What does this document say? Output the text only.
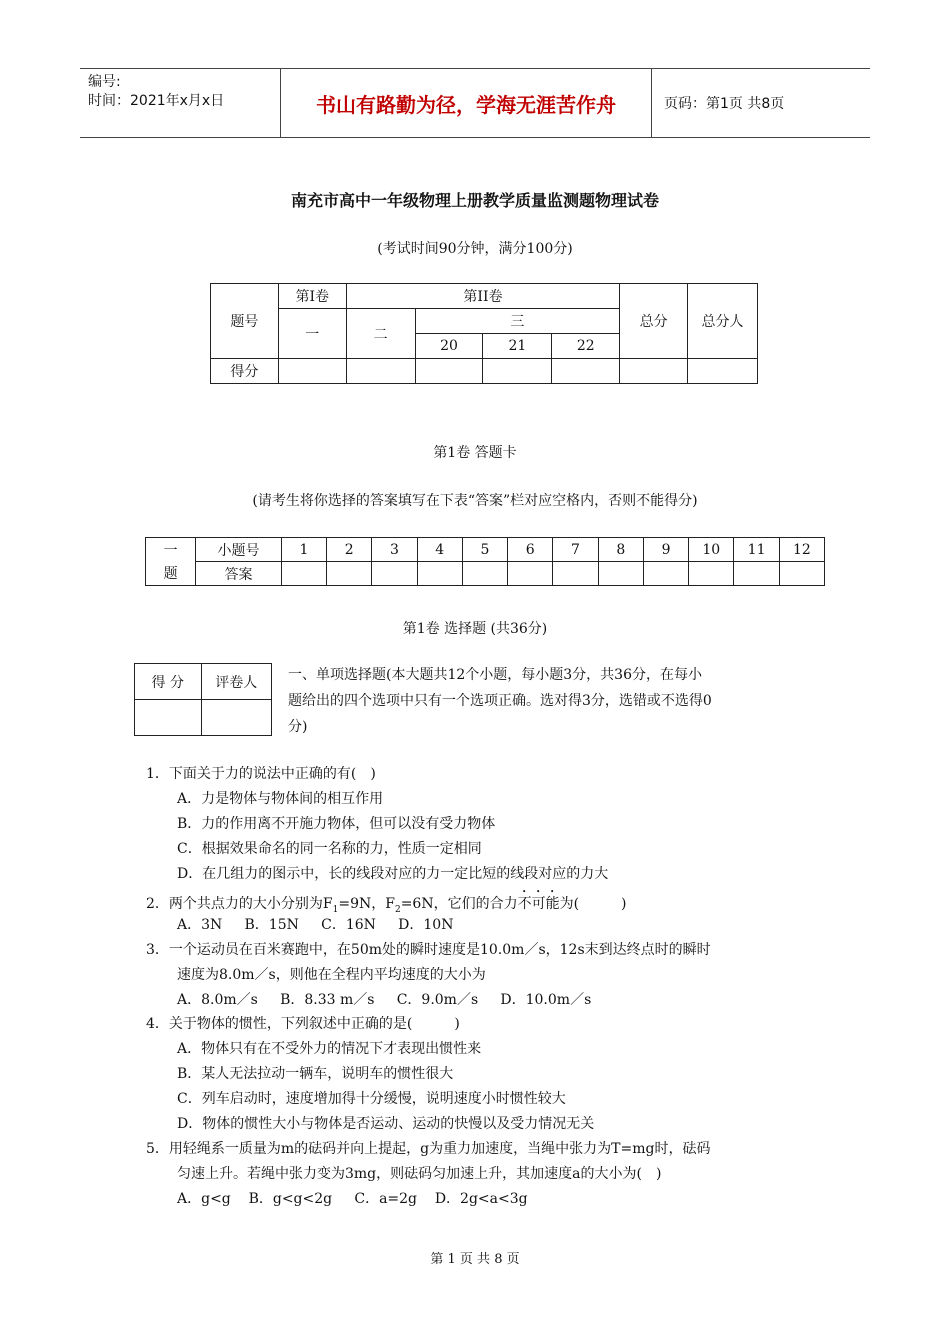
编号:
时间：2021年x月x日	书山有路勤为径，学海无涯苦作舟	页码：第1页 共8页
南充市高中一年级物理上册教学质量监测题物理试卷
(考试时间90分钟，满分100分)
题号	第Ⅰ卷	第II卷				总分	总分人
	一	二	三				
			20	21	22		
得分							
第1卷 答题卡
(请考生将你选择的答案填写在下表“答案”栏对应空格内，否则不能得分)
一	小题号	1	2	3	4	5	6	7	8	9	10	11	12
题	答案												
第1卷 选择题 (共36分)
得 分	评卷人
	一、单项选择题(本大题共12个小题，每小题3分，共36分，在每小
题给出的四个选项中只有一个选项正确。选对得3分，选错或不选得0
分)
1．下面关于力的说法中正确的有(　)
A．力是物体与物体间的相互作用
B．力的作用离不开施力物体，但可以没有受力物体
C．根据效果命名的同一名称的力，性质一定相同
D．在几组力的图示中，长的线段对应的力一定比短的线段对应的力大
2．两个共点力的大小分别为$F_1=9N$，$F_2=6N$，它们的合力不可能为(　　　)
A．3N     B．15N     C．16N     D．10N
3．一个运动员在百米赛跑中，在50m处的瞬时速度是10.0m／s，12s末到达终点时的瞬时
速度为8.0m／s，则他在全程内平均速度的大小为
A．8.0m／s     B．8.33 m／s     C．9.0m／s     D．10.0m／s
4．关于物体的惯性，下列叙述中正确的是(　　　)
A．物体只有在不受外力的情况下才表现出惯性来
B．某人无法拉动一辆车，说明车的惯性很大
C．列车启动时，速度增加得十分缓慢，说明速度小时惯性较大
D．物体的惯性大小与物体是否运动、运动的快慢以及受力情况无关
5．用轻绳系一质量为m的砝码并向上提起，g为重力加速度，当绳中张力为T=mg时，砝码
匀速上升。若绳中张力变为3mg，则砝码匀加速上升，其加速度a的大小为(　)
A．g<g    B．g<g<2g     C．a=2g    D．2g<a<3g
第 1 页 共 8 页
